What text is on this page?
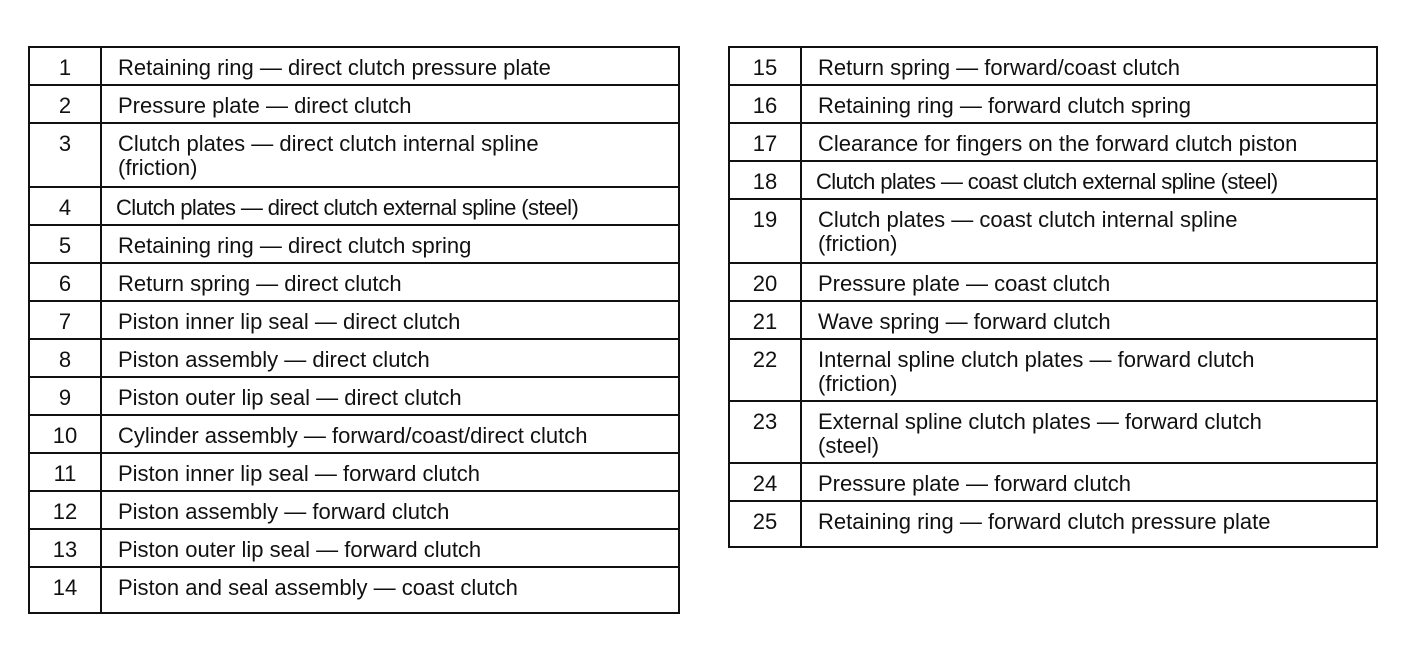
1	Retaining ring — direct clutch pressure plate
2	Pressure plate — direct clutch
3	Clutch plates — direct clutch internal spline (friction)
4	Clutch plates — direct clutch external spline (steel)
5	Retaining ring — direct clutch spring
6	Return spring — direct clutch
7	Piston inner lip seal — direct clutch
8	Piston assembly — direct clutch
9	Piston outer lip seal — direct clutch
10	Cylinder assembly — forward/coast/direct clutch
11	Piston inner lip seal — forward clutch
12	Piston assembly — forward clutch
13	Piston outer lip seal — forward clutch
14	Piston and seal assembly — coast clutch
15	Return spring — forward/coast clutch
16	Retaining ring — forward clutch spring
17	Clearance for fingers on the forward clutch piston
18	Clutch plates — coast clutch external spline (steel)
19	Clutch plates — coast clutch internal spline (friction)
20	Pressure plate — coast clutch
21	Wave spring — forward clutch
22	Internal spline clutch plates — forward clutch (friction)
23	External spline clutch plates — forward clutch (steel)
24	Pressure plate — forward clutch
25	Retaining ring — forward clutch pressure plate
